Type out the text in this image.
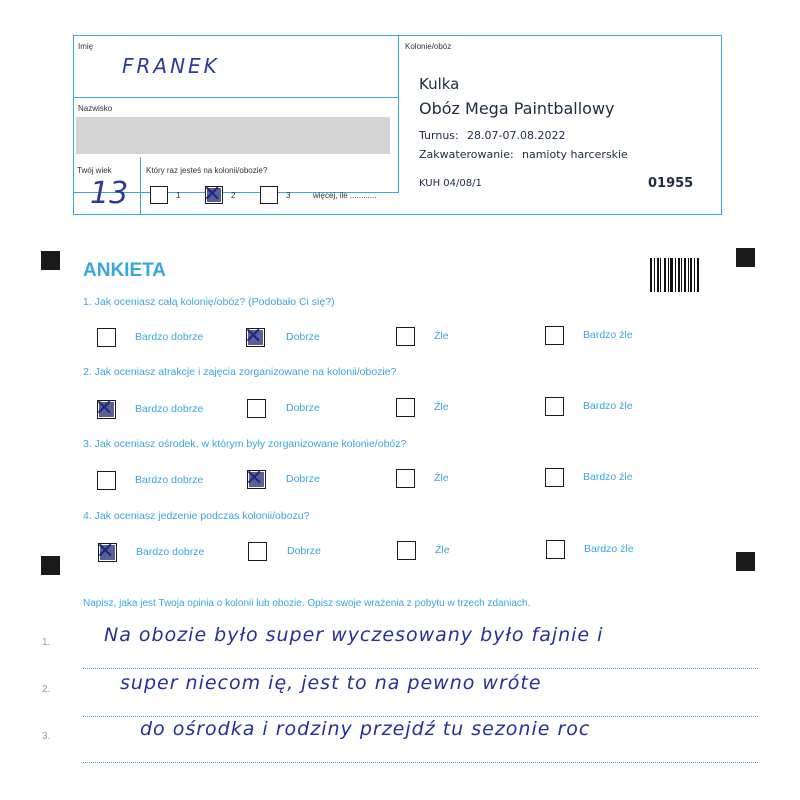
Imię
FRANEK
Nazwisko
Kolonie/obóz
Twój wiek
13
Który raz jesteś na kolonii/obozie?
1 ✕	2	3	więcej, ile ............
Kulka
Obóz Mega Paintballowy
Turnus: 28.07-07.08.2022
Zakwaterowanie: namioty harcerskie
KUH 04/08/1	01955
ANKIETA
1. Jak oceniasz całą kolonię/obóz? (Podobało Ci się?)
Bardzo dobrze ✕	Dobrze	Źle	Bardzo źle
2. Jak oceniasz atrakcje i zajęcia zorganizowane na kolonii/obozie?
✕
Bardzo dobrze	Dobrze	Źle	Bardzo źle
3. Jak oceniasz ośrodek, w którym były zorganizowane kolonie/obóz?
Bardzo dobrze ✕	Dobrze	Źle	Bardzo źle
4. Jak oceniasz jedzenie podczas kolonii/obozu?
✕
Bardzo dobrze	Dobrze	Źle	Bardzo źle
Napisz, jaka jest Twoja opinia o kolonii lub obozie. Opisz swoje wrażenia z pobytu w trzech zdaniach.
1.
2.
3.
Na obozie było super wyczesowany było fajnie i
super niecom ię, jest to na pewno wróte
do ośrodka i rodziny przejdź tu sezonie roc
